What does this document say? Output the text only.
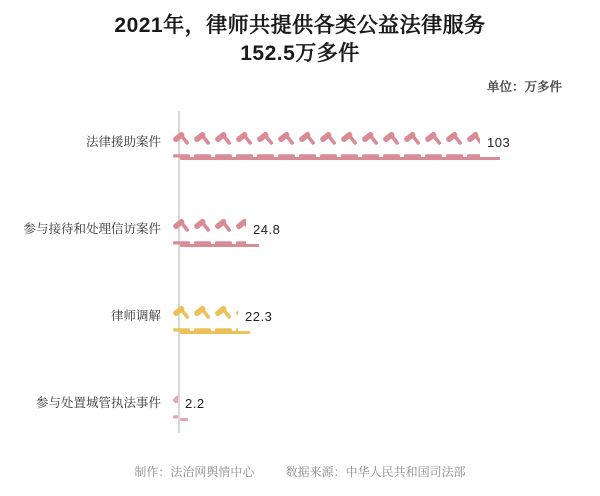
2021年，律师共提供各类公益法律服务
152.5万多件
单位：万多件
法律援助案件	103
参与接待和处理信访案件	24.8
律师调解	22.3
参与处置城管执法事件	2.2
制作：法治网舆情中心	数据来源：中华人民共和国司法部
